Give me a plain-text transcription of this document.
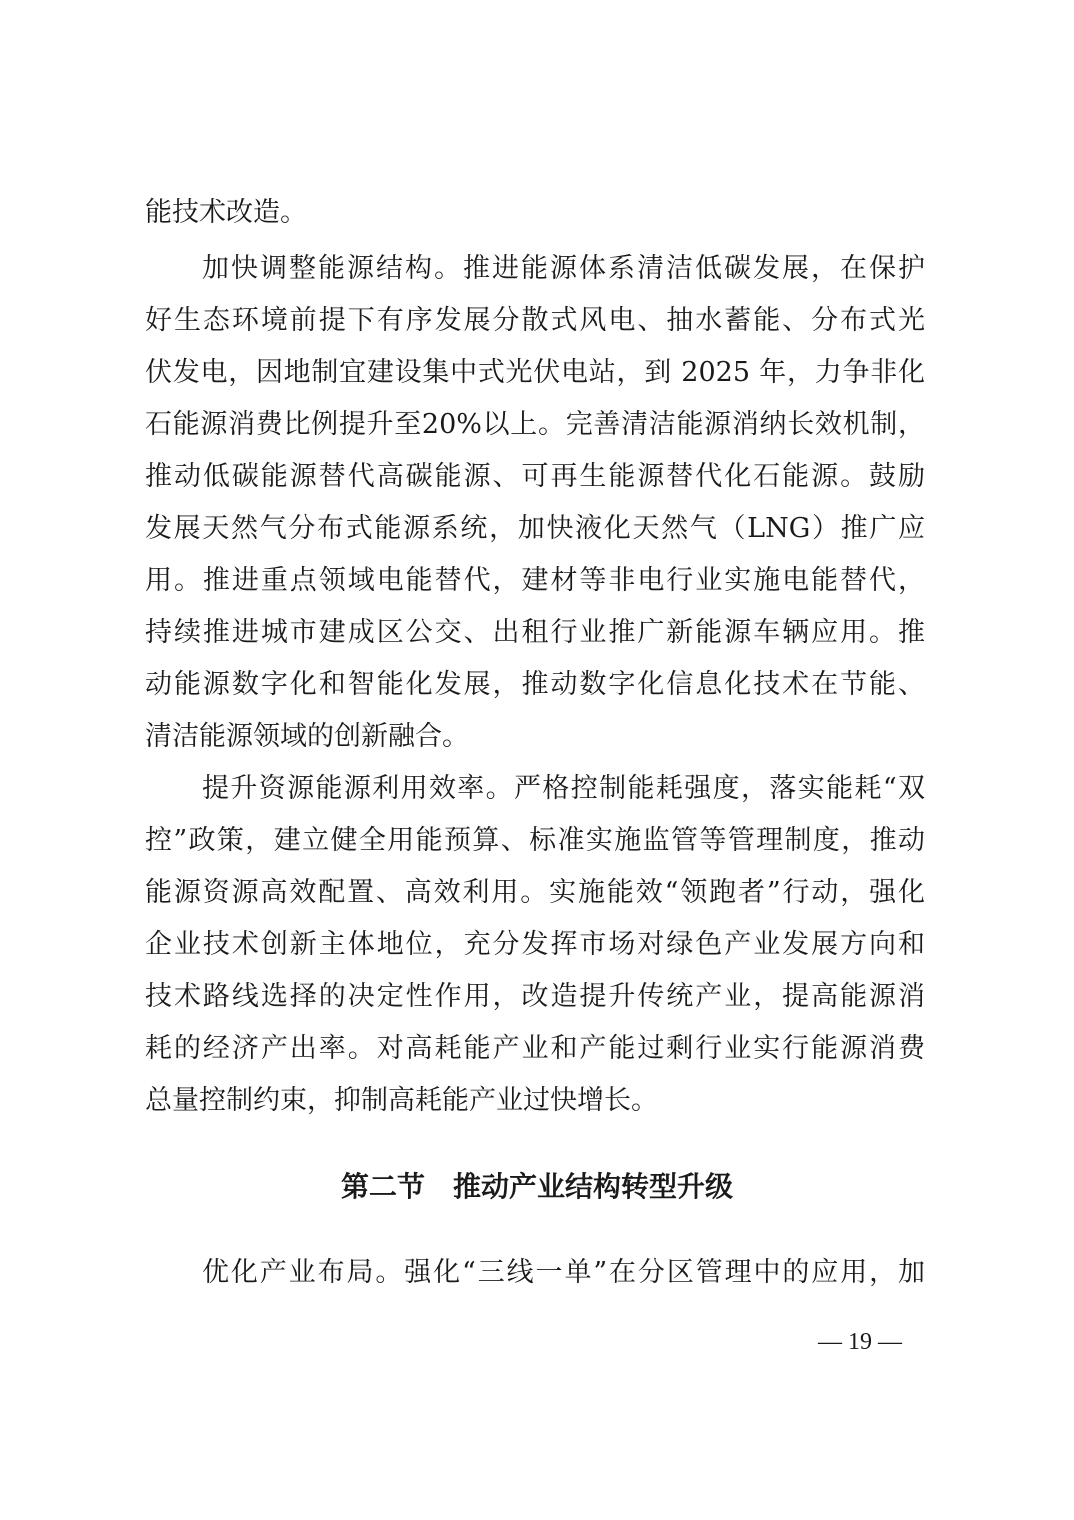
能技术改造。
加快调整能源结构。推进能源体系清洁低碳发展，在保护
好生态环境前提下有序发展分散式风电、抽水蓄能、分布式光
伏发电，因地制宜建设集中式光伏电站，到 2025 年，力争非化
石能源消费比例提升至20%以上。完善清洁能源消纳长效机制，
推动低碳能源替代高碳能源、可再生能源替代化石能源。鼓励
发展天然气分布式能源系统，加快液化天然气（LNG）推广应
用。推进重点领域电能替代，建材等非电行业实施电能替代，
持续推进城市建成区公交、出租行业推广新能源车辆应用。推
动能源数字化和智能化发展，推动数字化信息化技术在节能、
清洁能源领域的创新融合。
提升资源能源利用效率。严格控制能耗强度，落实能耗“双
控”政策，建立健全用能预算、标准实施监管等管理制度，推动
能源资源高效配置、高效利用。实施能效“领跑者”行动，强化
企业技术创新主体地位，充分发挥市场对绿色产业发展方向和
技术路线选择的决定性作用，改造提升传统产业，提高能源消
耗的经济产出率。对高耗能产业和产能过剩行业实行能源消费
总量控制约束，抑制高耗能产业过快增长。
第二节　推动产业结构转型升级
优化产业布局。强化“三线一单”在分区管理中的应用，加
— 19 —
